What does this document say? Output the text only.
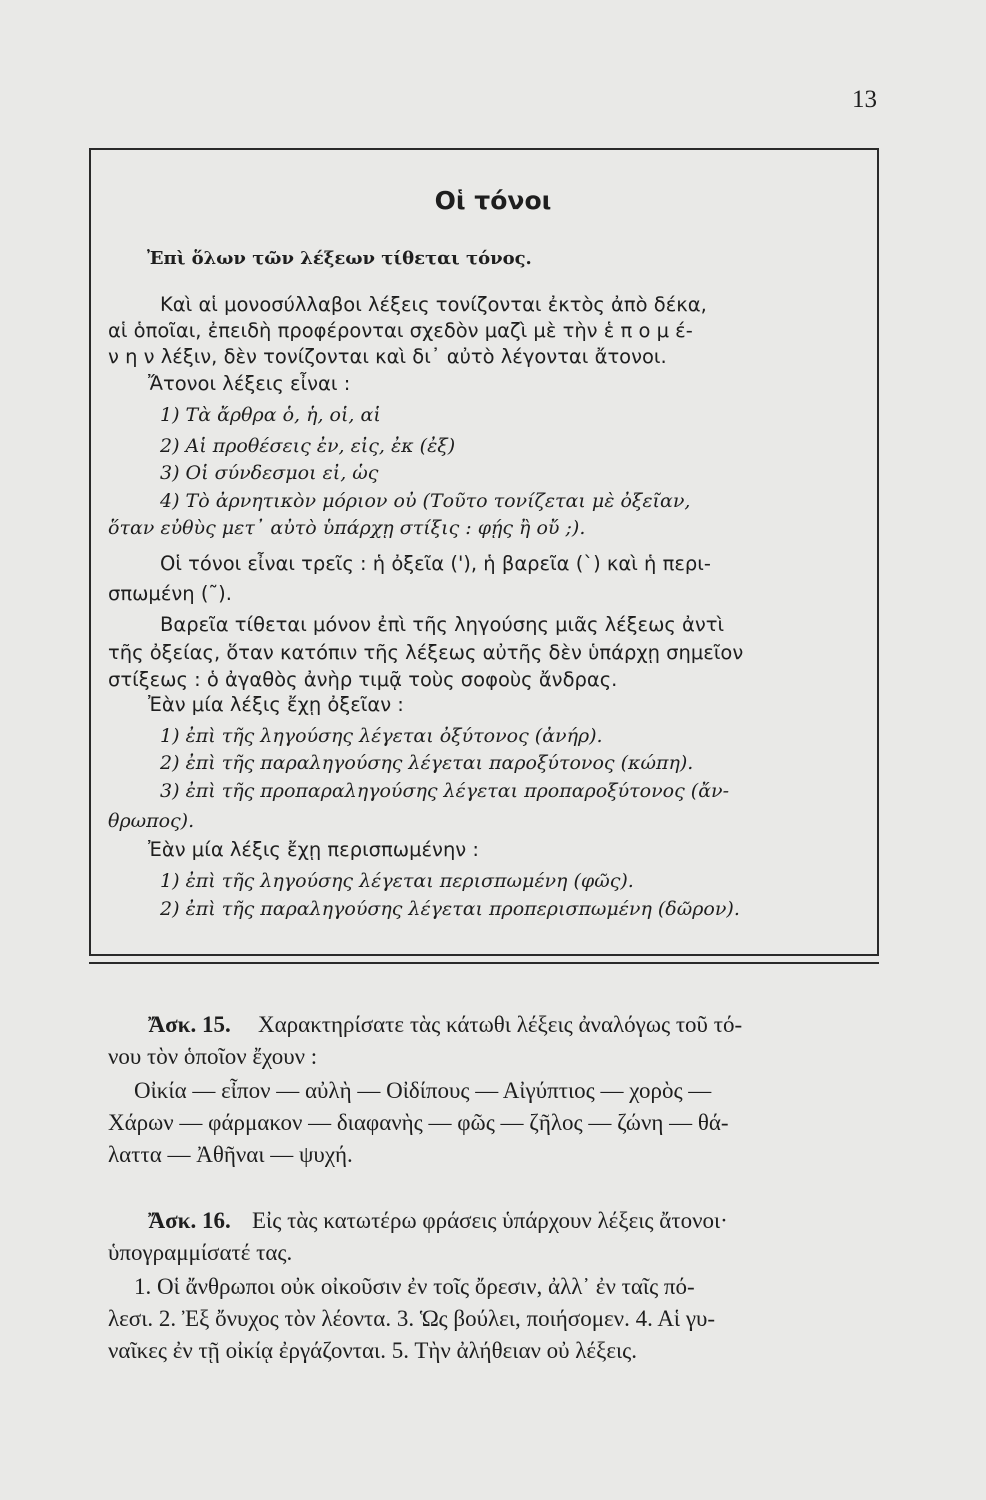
13
Οἱ τόνοι
Ἐπὶ ὅλων τῶν λέξεων τίθεται τόνος.
Καὶ αἱ μονοσύλλαβοι λέξεις τονίζονται ἐκτὸς ἀπὸ δέκα,
αἱ ὁποῖαι, ἐπειδὴ προφέρονται σχεδὸν μαζὶ μὲ τὴν ἑ π ο μ έ-
ν η ν λέξιν, δὲν τονίζονται καὶ δι᾽ αὐτὸ λέγονται ἄτονοι.
Ἄτονοι λέξεις εἶναι :
1) Τὰ ἄρθρα ὁ, ἡ, οἱ, αἱ
2) Αἱ προθέσεις ἐν, εἰς, ἐκ (ἐξ)
3) Οἱ σύνδεσμοι εἰ, ὡς
4) Τὸ ἀρνητικὸν μόριον οὐ (Τοῦτο τονίζεται μὲ ὀξεῖαν,
ὅταν εὐθὺς μετ᾽ αὐτὸ ὑπάρχῃ στίξις : φῄς ἢ οὔ ;).
Οἱ τόνοι εἶναι τρεῖς : ἡ ὀξεῖα ('), ἡ βαρεῖα (`) καὶ ἡ περι-
σπωμένη (῀).
Βαρεῖα τίθεται μόνον ἐπὶ τῆς ληγούσης μιᾶς λέξεως ἀντὶ
τῆς ὀξείας, ὅταν κατόπιν τῆς λέξεως αὐτῆς δὲν ὑπάρχῃ σημεῖον
στίξεως : ὁ ἀγαθὸς ἀνὴρ τιμᾷ τοὺς σοφοὺς ἄνδρας.
Ἐὰν μία λέξις ἔχῃ ὀξεῖαν :
1) ἐπὶ τῆς ληγούσης λέγεται ὀξύτονος (ἀνήρ).
2) ἐπὶ τῆς παραληγούσης λέγεται παροξύτονος (κώπη).
3) ἐπὶ τῆς προπαραληγούσης λέγεται προπαροξύτονος (ἄν-
θρωπος).
Ἐὰν μία λέξις ἔχῃ περισπωμένην :
1) ἐπὶ τῆς ληγούσης λέγεται περισπωμένη (φῶς).
2) ἐπὶ τῆς παραληγούσης λέγεται προπερισπωμένη (δῶρον).
Ἄσκ. 15. Χαρακτηρίσατε τὰς κάτωθι λέξεις ἀναλόγως τοῦ τό-
νου τὸν ὁποῖον ἔχουν :
Οἰκία — εἶπον — αὐλὴ — Οἰδίπους — Αἰγύπτιος — χορὸς —
Χάρων — φάρμακον — διαφανὴς — φῶς — ζῆλος — ζώνη — θά-
λαττα — Ἀθῆναι — ψυχή.
Ἄσκ. 16. Εἰς τὰς κατωτέρω φράσεις ὑπάρχουν λέξεις ἄτονοι·
ὑπογραμμίσατέ τας.
1. Οἱ ἄνθρωποι οὐκ οἰκοῦσιν ἐν τοῖς ὄρεσιν, ἀλλ᾽ ἐν ταῖς πό-
λεσι. 2. Ἐξ ὄνυχος τὸν λέοντα. 3. Ὡς βούλει, ποιήσομεν. 4. Αἱ γυ-
ναῖκες ἐν τῇ οἰκίᾳ ἐργάζονται. 5. Τὴν ἀλήθειαν οὐ λέξεις.
